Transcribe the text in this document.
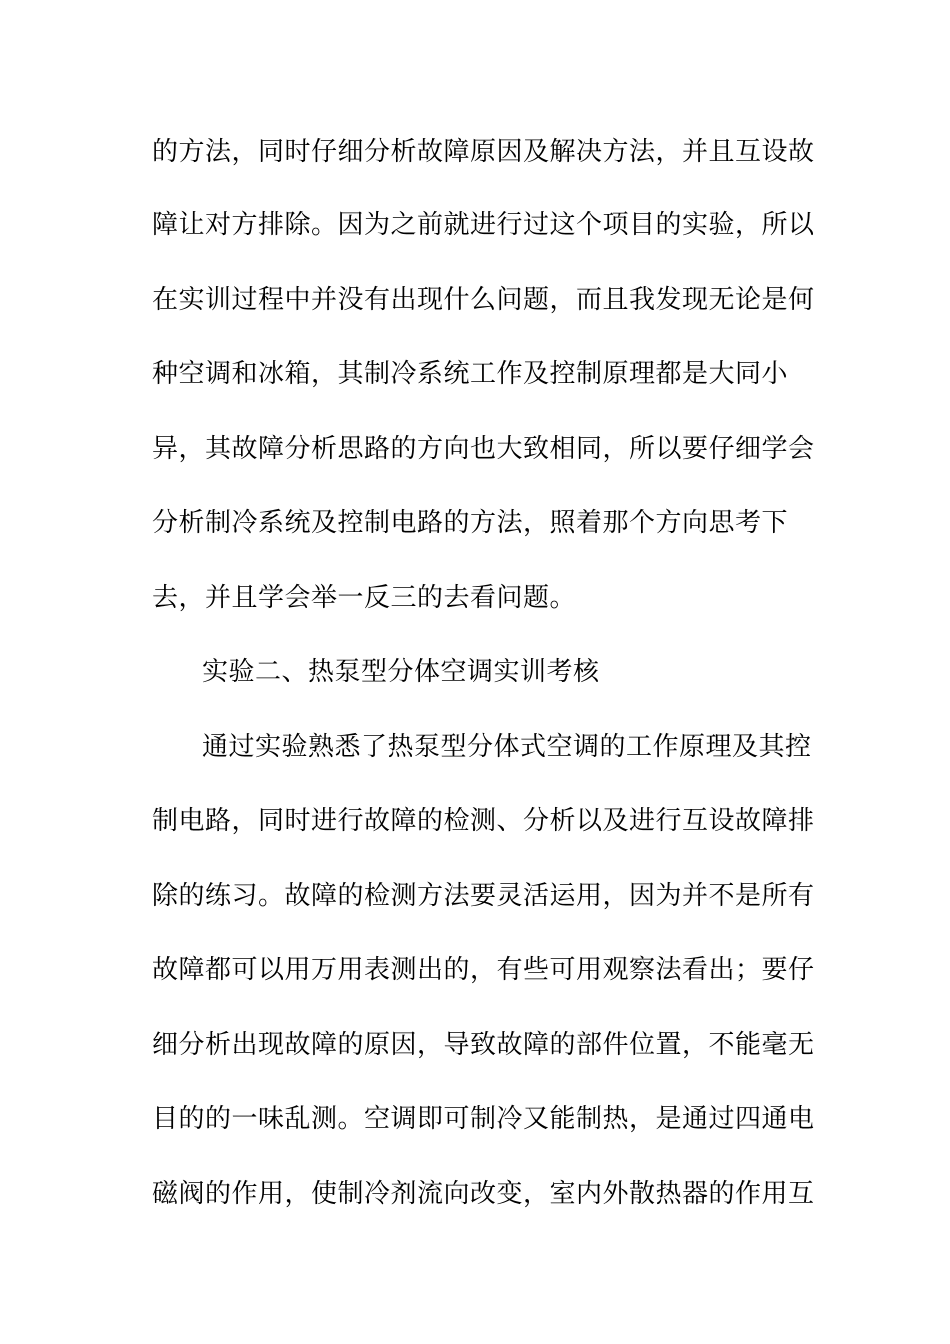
的方法，同时仔细分析故障原因及解决方法，并且互设故
障让对方排除。因为之前就进行过这个项目的实验，所以
在实训过程中并没有出现什么问题，而且我发现无论是何
种空调和冰箱，其制冷系统工作及控制原理都是大同小
异，其故障分析思路的方向也大致相同，所以要仔细学会
分析制冷系统及控制电路的方法，照着那个方向思考下
去，并且学会举一反三的去看问题。
实验二、热泵型分体空调实训考核
通过实验熟悉了热泵型分体式空调的工作原理及其控
制电路，同时进行故障的检测、分析以及进行互设故障排
除的练习。故障的检测方法要灵活运用，因为并不是所有
故障都可以用万用表测出的，有些可用观察法看出；要仔
细分析出现故障的原因，导致故障的部件位置，不能毫无
目的的一味乱测。空调即可制冷又能制热，是通过四通电
磁阀的作用，使制冷剂流向改变，室内外散热器的作用互
